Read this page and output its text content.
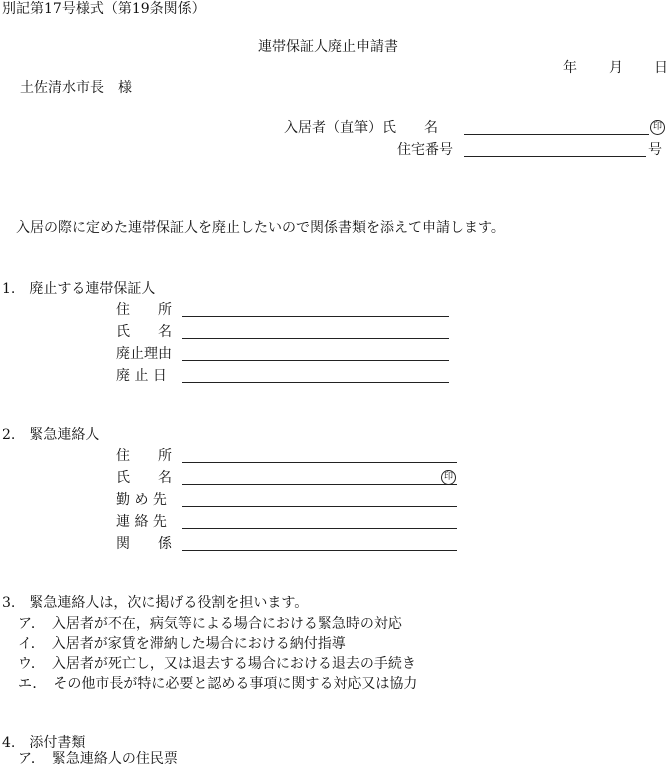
別記第17号様式（第19条関係）
連帯保証人廃止申請書
年 月 日
土佐清水市長　様
入居者（直筆）氏　　名	印
住宅番号	号
入居の際に定めた連帯保証人を廃止したいので関係書類を添えて申請します。
1.　廃止する連帯保証人
住　　所
氏　　名
廃止理由
廃 止 日
2.　緊急連絡人
住　　所
氏　　名	印
勤 め 先
連 絡 先
関　　係
3.　緊急連絡人は，次に掲げる役割を担います。
ア．　入居者が不在，病気等による場合における緊急時の対応
イ．　入居者が家賃を滞納した場合における納付指導
ウ．　入居者が死亡し，又は退去する場合における退去の手続き
エ．　その他市長が特に必要と認める事項に関する対応又は協力
4.　添付書類
ア．　緊急連絡人の住民票
